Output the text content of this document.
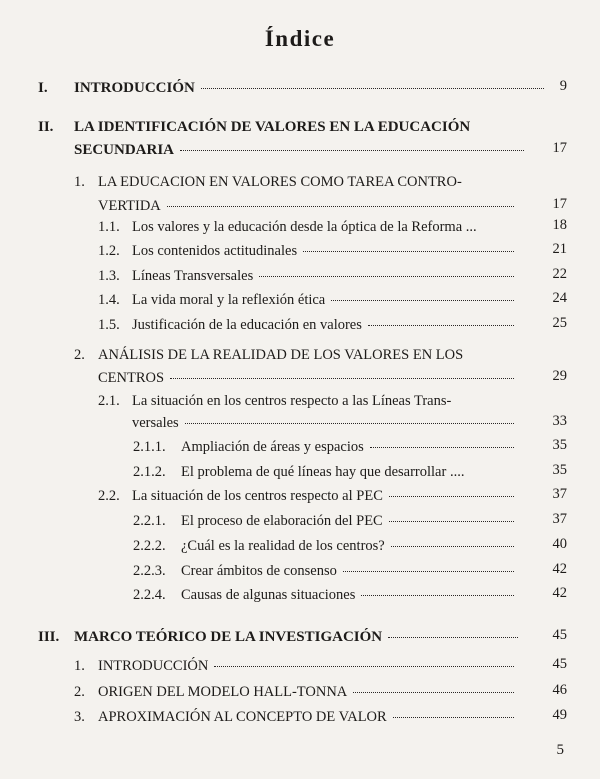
Índice
I.	INTRODUCCIÓN	9
II.	LA IDENTIFICACIÓN DE VALORES EN LA EDUCACIÓN
SECUNDARIA	17
1. LA EDUCACION EN VALORES COMO TAREA CONTRO-
VERTIDA	17
1.1. Los valores y la educación desde la óptica de la Reforma ...	18
1.2. Los contenidos actitudinales	21
1.3. Líneas Transversales	22
1.4. La vida moral y la reflexión ética	24
1.5. Justificación de la educación en valores	25
2. ANÁLISIS DE LA REALIDAD DE LOS VALORES EN LOS
CENTROS	29
2.1. La situación en los centros respecto a las Líneas Trans-
versales	33
2.1.1.	Ampliación de áreas y espacios	35
2.1.2.	El problema de qué líneas hay que desarrollar ....	35
2.2. La situación de los centros respecto al PEC	37
2.2.1.	El proceso de elaboración del PEC	37
2.2.2.	¿Cuál es la realidad de los centros?	40
2.2.3.	Crear ámbitos de consenso	42
2.2.4.	Causas de algunas situaciones	42
III. MARCO TEÓRICO DE LA INVESTIGACIÓN	45
1. INTRODUCCIÓN	45
2. ORIGEN DEL MODELO HALL-TONNA	46
3. APROXIMACIÓN AL CONCEPTO DE VALOR	49
5
